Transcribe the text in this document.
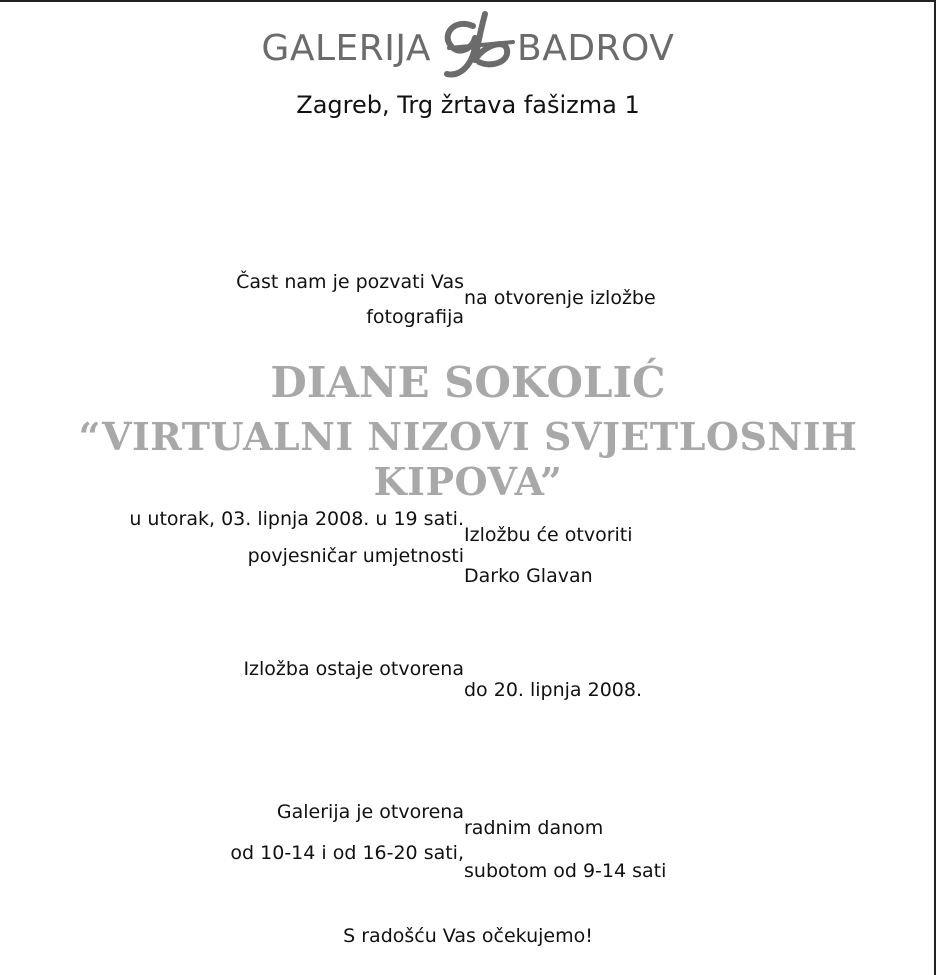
GALERIJA BADROV
Zagreb, Trg žrtava fašizma 1
Čast nam je pozvati Vas
fotografija
na otvorenje izložbe
DIANE SOKOLIĆ
“VIRTUALNI NIZOVI SVJETLOSNIH KIPOVA”
u utorak, 03. lipnja 2008. u 19 sati.
povjesničar umjetnosti
Izložbu će otvoriti
Darko Glavan
Izložba ostaje otvorena
do 20. lipnja 2008.
Galerija je otvorena
od 10-14 i od 16-20 sati,
radnim danom
subotom od 9-14 sati
S radošću Vas očekujemo!
